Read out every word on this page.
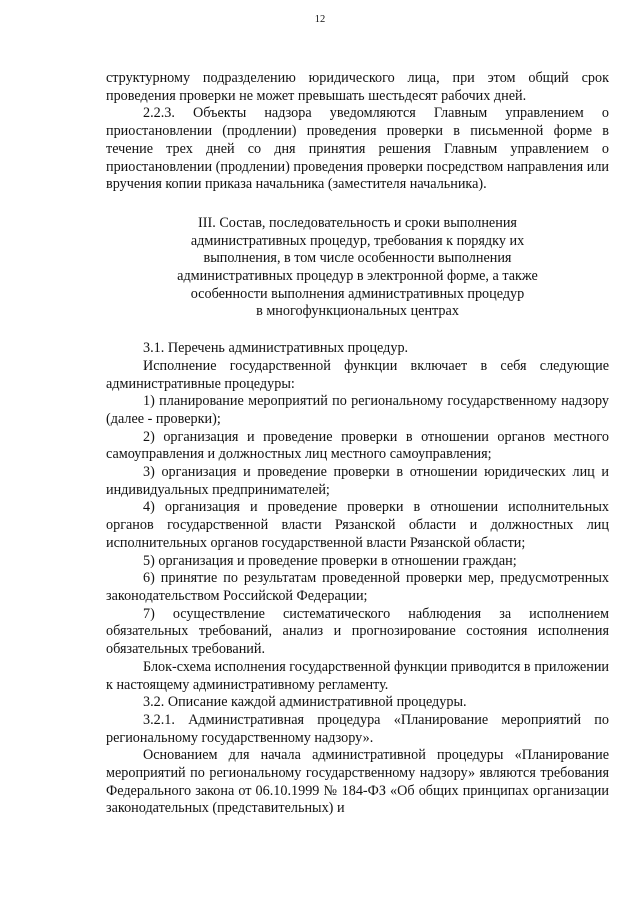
12

структурному подразделению юридического лица, при этом общий срок проведения проверки не может превышать шестьдесят рабочих дней.

2.2.3. Объекты надзора уведомляются Главным управлением о приостановлении (продлении) проведения проверки в письменной форме в течение трех дней со дня принятия решения Главным управлением о приостановлении (продлении) проведения проверки посредством направления или вручения копии приказа начальника (заместителя начальника).

III. Состав, последовательность и сроки выполнения
административных процедур, требования к порядку их
выполнения, в том числе особенности выполнения
административных процедур в электронной форме, а также
особенности выполнения административных процедур
в многофункциональных центрах

3.1. Перечень административных процедур.

Исполнение государственной функции включает в себя следующие административные процедуры:

1) планирование мероприятий по региональному государственному надзору (далее - проверки);

2) организация и проведение проверки в отношении органов местного самоуправления и должностных лиц местного самоуправления;

3) организация и проведение проверки в отношении юридических лиц и индивидуальных предпринимателей;

4) организация и проведение проверки в отношении исполнительных органов государственной власти Рязанской области и должностных лиц исполнительных органов государственной власти Рязанской области;

5) организация и проведение проверки в отношении граждан;

6) принятие по результатам проведенной проверки мер, предусмотренных законодательством Российской Федерации;

7) осуществление систематического наблюдения за исполнением обязательных требований, анализ и прогнозирование состояния исполнения обязательных требований.

Блок-схема исполнения государственной функции приводится в приложении к настоящему административному регламенту.

3.2. Описание каждой административной процедуры.

3.2.1. Административная процедура «Планирование мероприятий по региональному государственному надзору».

Основанием для начала административной процедуры «Планирование мероприятий по региональному государственному надзору» являются требования Федерального закона от 06.10.1999 № 184-ФЗ «Об общих принципах организации законодательных (представительных) и
